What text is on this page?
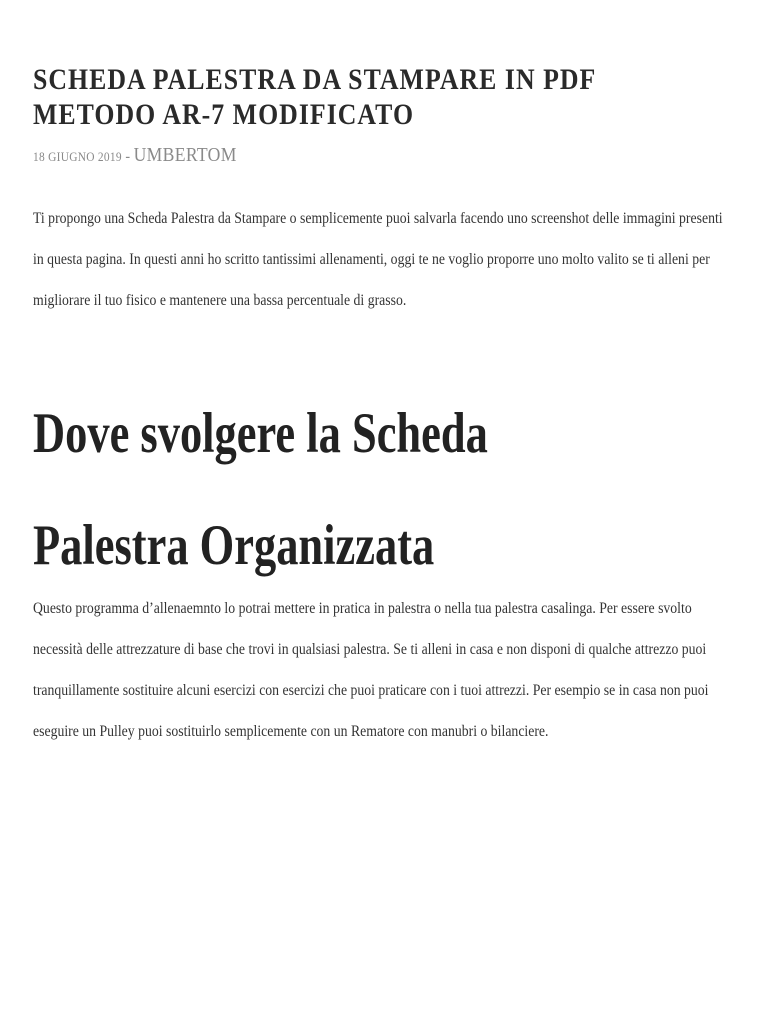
SCHEDA PALESTRA DA STAMPARE IN PDF METODO AR-7 MODIFICATO

18 GIUGNO 2019 - UMBERTOM

Ti propongo una Scheda Palestra da Stampare o semplicemente puoi salvarla facendo uno screenshot delle immagini presenti in questa pagina. In questi anni ho scritto tantissimi allenamenti, oggi te ne voglio proporre uno molto valito se ti alleni per migliorare il tuo fisico e mantenere una bassa percentuale di grasso.

Dove svolgere la Scheda Palestra Organizzata

Questo programma d’allenaemnto lo potrai mettere in pratica in palestra o nella tua palestra casalinga. Per essere svolto necessità delle attrezzature di base che trovi in qualsiasi palestra. Se ti alleni in casa e non disponi di qualche attrezzo puoi tranquillamente sostituire alcuni esercizi con esercizi che puoi praticare con i tuoi attrezzi. Per esempio se in casa non puoi eseguire un Pulley puoi sostituirlo semplicemente con un Rematore con manubri o bilanciere.
